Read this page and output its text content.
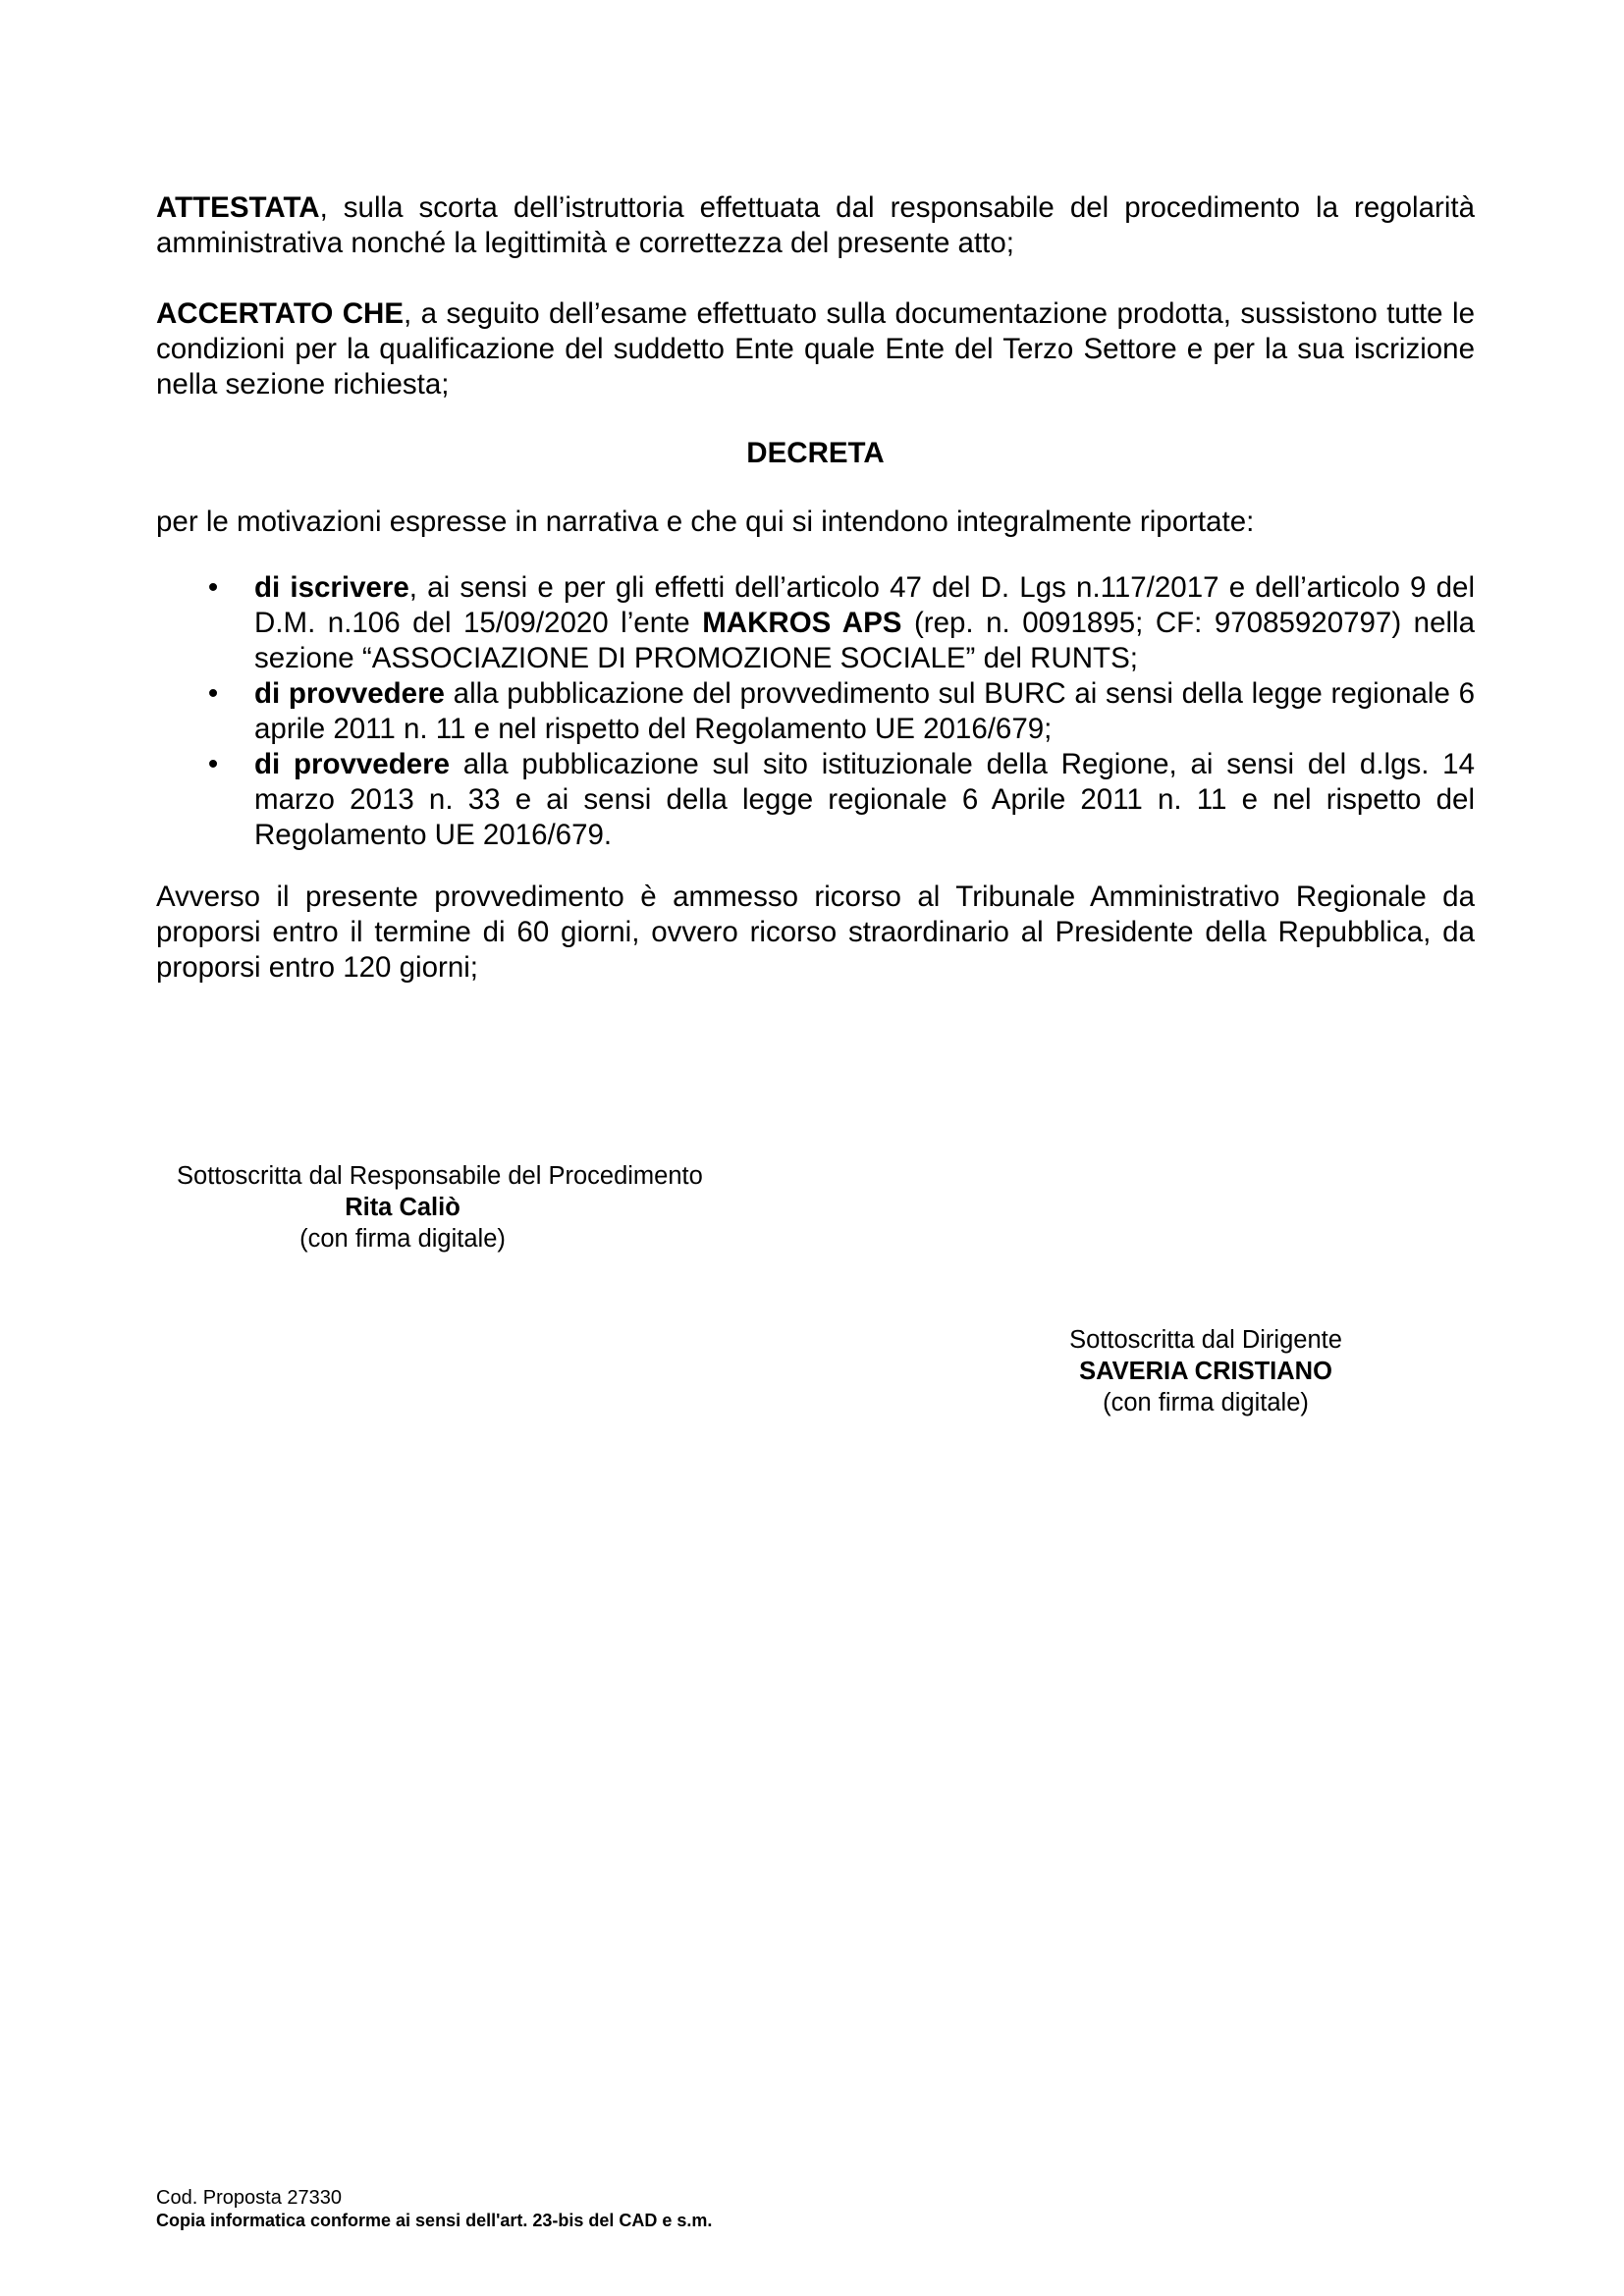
ATTESTATA, sulla scorta dell’istruttoria effettuata dal responsabile del procedimento la regolarità amministrativa nonché la legittimità e correttezza del presente atto;

ACCERTATO CHE, a seguito dell’esame effettuato sulla documentazione prodotta, sussistono tutte le condizioni per la qualificazione del suddetto Ente quale Ente del Terzo Settore e per la sua iscrizione nella sezione richiesta;

DECRETA

per le motivazioni espresse in narrativa e che qui si intendono integralmente riportate:

• di iscrivere, ai sensi e per gli effetti dell’articolo 47 del D. Lgs n.117/2017 e dell’articolo 9 del D.M. n.106 del 15/09/2020 l’ente MAKROS APS (rep. n. 0091895; CF: 97085920797) nella sezione “ASSOCIAZIONE DI PROMOZIONE SOCIALE” del RUNTS;
• di provvedere alla pubblicazione del provvedimento sul BURC ai sensi della legge regionale 6 aprile 2011 n. 11 e nel rispetto del Regolamento UE 2016/679;
• di provvedere alla pubblicazione sul sito istituzionale della Regione, ai sensi del d.lgs. 14 marzo 2013 n. 33 e ai sensi della legge regionale 6 Aprile 2011 n. 11 e nel rispetto del Regolamento UE 2016/679.

Avverso il presente provvedimento è ammesso ricorso al Tribunale Amministrativo Regionale da proporsi entro il termine di 60 giorni, ovvero ricorso straordinario al Presidente della Repubblica, da proporsi entro 120 giorni;

Sottoscritta dal Responsabile del Procedimento
Rita Caliò
(con firma digitale)
Sottoscritta dal Dirigente
SAVERIA CRISTIANO
(con firma digitale)
Cod. Proposta 27330
Copia informatica conforme ai sensi dell'art. 23-bis del CAD e s.m.
